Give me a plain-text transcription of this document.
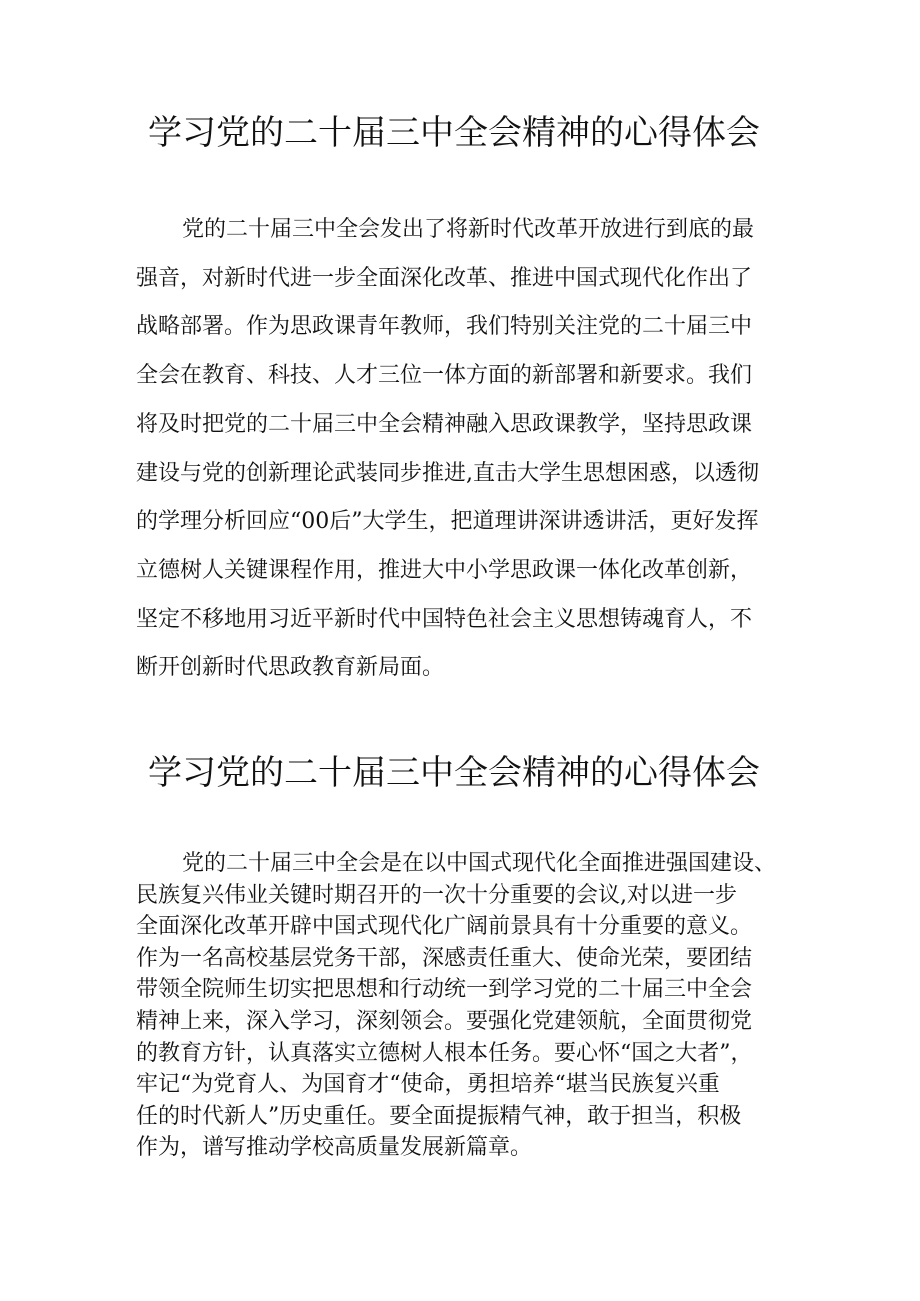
学习党的二十届三中全会精神的心得体会
党的二十届三中全会发出了将新时代改革开放进行到底的最
强音，对新时代进一步全面深化改革、推进中国式现代化作出了
战略部署。作为思政课青年教师，我们特别关注党的二十届三中
全会在教育、科技、人才三位一体方面的新部署和新要求。我们
将及时把党的二十届三中全会精神融入思政课教学，坚持思政课
建设与党的创新理论武装同步推进,直击大学生思想困惑，以透彻
的学理分析回应“00后”大学生，把道理讲深讲透讲活，更好发挥
立德树人关键课程作用，推进大中小学思政课一体化改革创新，
坚定不移地用习近平新时代中国特色社会主义思想铸魂育人，不
断开创新时代思政教育新局面。
学习党的二十届三中全会精神的心得体会
党的二十届三中全会是在以中国式现代化全面推进强国建设、
民族复兴伟业关键时期召开的一次十分重要的会议,对以进一步
全面深化改革开辟中国式现代化广阔前景具有十分重要的意义。
作为一名高校基层党务干部，深感责任重大、使命光荣，要团结
带领全院师生切实把思想和行动统一到学习党的二十届三中全会
精神上来，深入学习，深刻领会。要强化党建领航，全面贯彻党
的教育方针，认真落实立德树人根本任务。要心怀“国之大者”，
牢记“为党育人、为国育才“使命，勇担培养“堪当民族复兴重
任的时代新人”历史重任。要全面提振精气神，敢于担当，积极
作为，谱写推动学校高质量发展新篇章。
